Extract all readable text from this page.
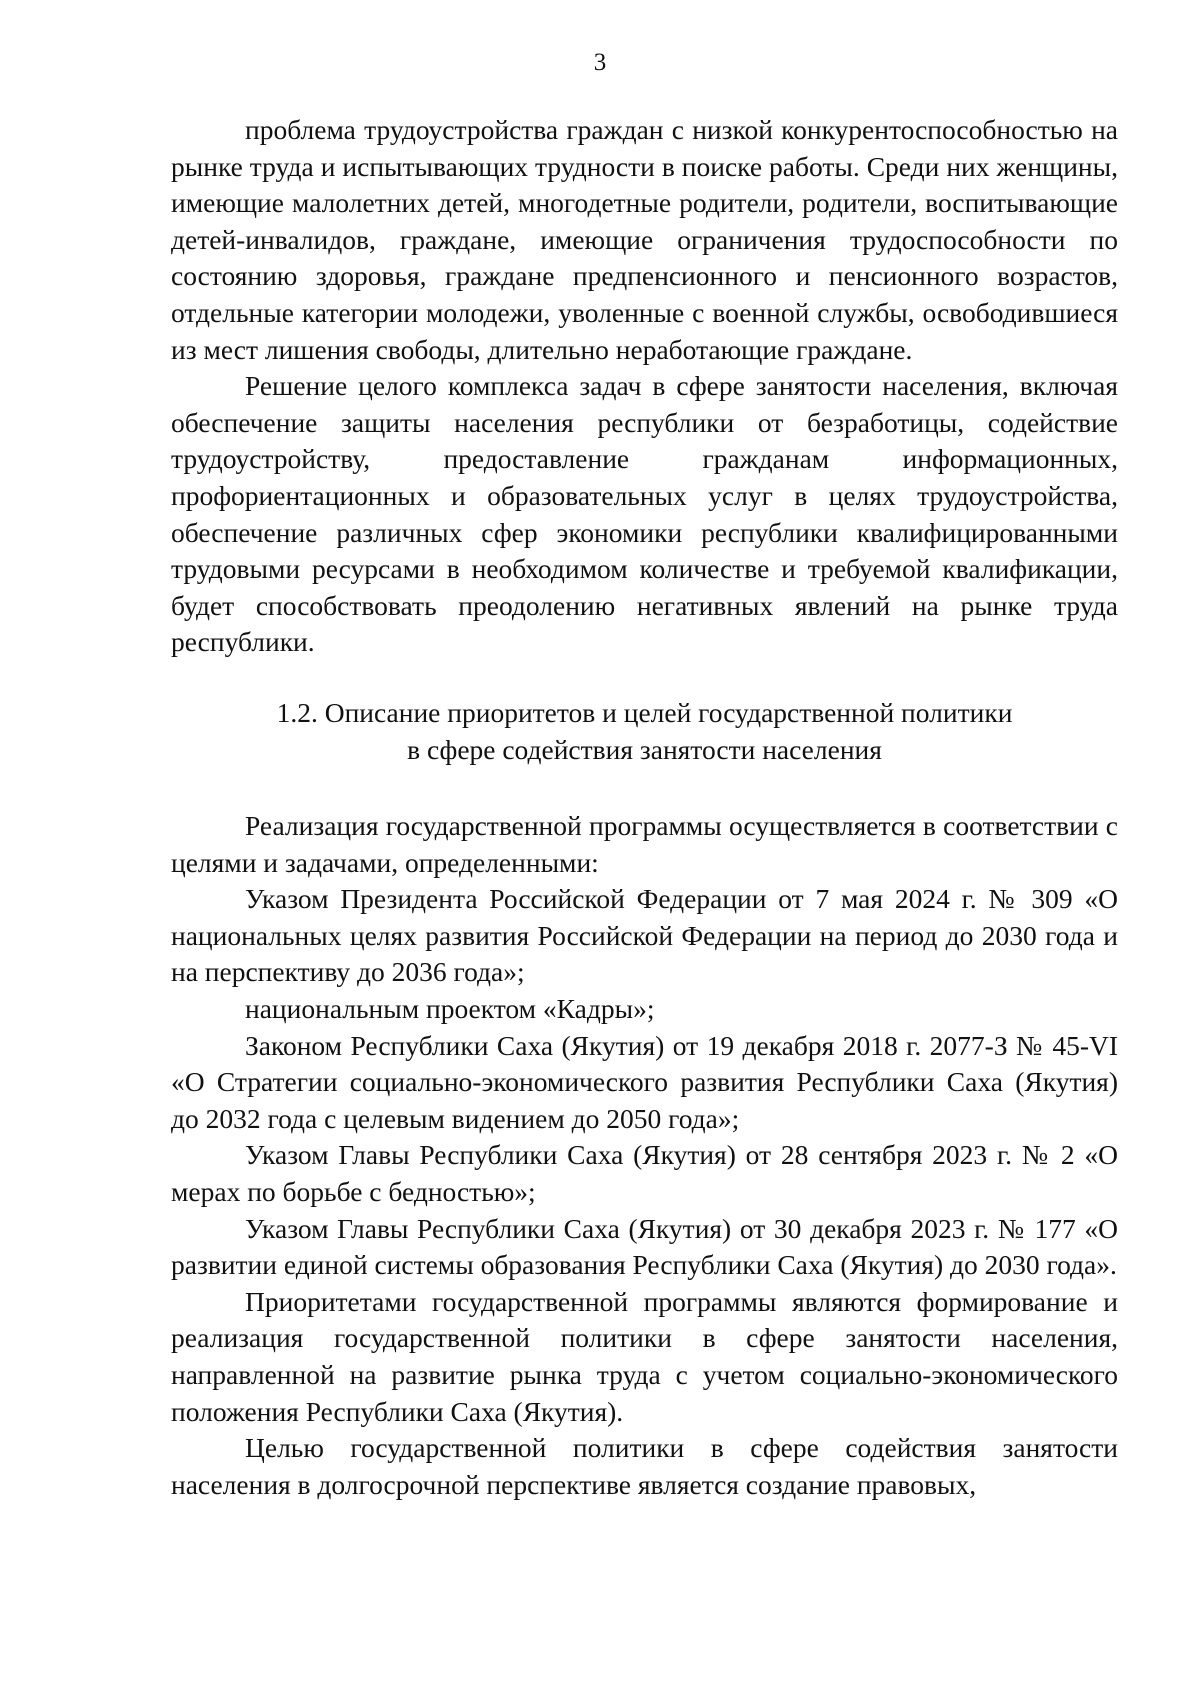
3

проблема трудоустройства граждан с низкой конкурентоспособностью на рынке труда и испытывающих трудности в поиске работы. Среди них женщины, имеющие малолетних детей, многодетные родители, родители, воспитывающие детей-инвалидов, граждане, имеющие ограничения трудоспособности по состоянию здоровья, граждане предпенсионного и пенсионного возрастов, отдельные категории молодежи, уволенные с военной службы, освободившиеся из мест лишения свободы, длительно неработающие граждане.

Решение целого комплекса задач в сфере занятости населения, включая обеспечение защиты населения республики от безработицы, содействие трудоустройству, предоставление гражданам информационных, профориентационных и образовательных услуг в целях трудоустройства, обеспечение различных сфер экономики республики квалифицированными трудовыми ресурсами в необходимом количестве и требуемой квалификации, будет способствовать преодолению негативных явлений на рынке труда республики.

1.2. Описание приоритетов и целей государственной политики
в сфере содействия занятости населения

Реализация государственной программы осуществляется в соответствии с целями и задачами, определенными:

Указом Президента Российской Федерации от 7 мая 2024 г. № 309 «О национальных целях развития Российской Федерации на период до 2030 года и на перспективу до 2036 года»;

национальным проектом «Кадры»;

Законом Республики Саха (Якутия) от 19 декабря 2018 г. 2077-З № 45-VI «О Стратегии социально-экономического развития Республики Саха (Якутия) до 2032 года с целевым видением до 2050 года»;

Указом Главы Республики Саха (Якутия) от 28 сентября 2023 г. № 2 «О мерах по борьбе с бедностью»;

Указом Главы Республики Саха (Якутия) от 30 декабря 2023 г. № 177 «О развитии единой системы образования Республики Саха (Якутия) до 2030 года».

Приоритетами государственной программы являются формирование и реализация государственной политики в сфере занятости населения, направленной на развитие рынка труда с учетом социально-экономического положения Республики Саха (Якутия).

Целью государственной политики в сфере содействия занятости населения в долгосрочной перспективе является создание правовых,
